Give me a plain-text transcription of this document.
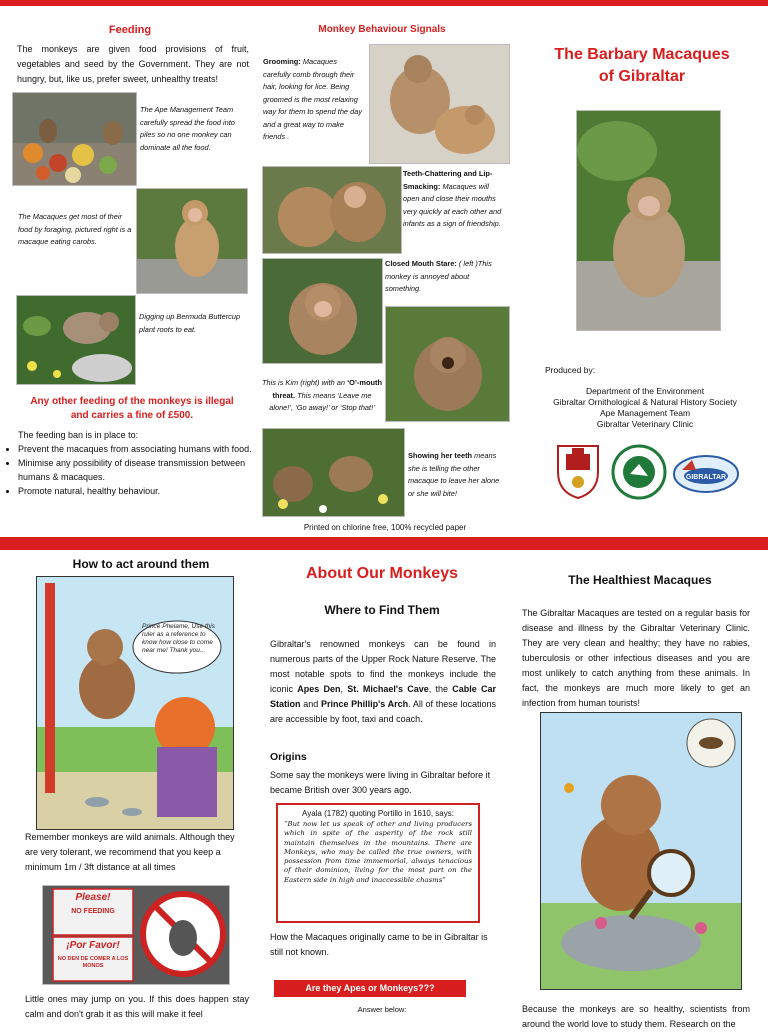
Feeding
The monkeys are given food provisions of fruit, vegetables and seed by the Government. They are not hungry, but, like us, prefer sweet, unhealthy treats!
The Ape Management Team carefully spread the food into piles so no one monkey can dominate all the food.
The Macaques get most of their food by foraging, pictured right is a macaque eating carobs.
Digging up Bermuda Buttercup plant roots to eat.
Any other feeding of the monkeys is illegal and carries a fine of £500.
The feeding ban is in place to:
• Prevent the macaques from associating humans with food.
• Minimise any possibility of disease transmission between humans & macaques.
• Promote natural, healthy behaviour.
Monkey Behaviour Signals
Grooming: Macaques carefully comb through their hair, looking for lice. Being groomed is the most relaxing way for them to spend the day and a great way to make friends .
Teeth-Chattering and Lip-Smacking: Macaques will open and close their mouths very quickly at each other and infants as a sign of friendship.
Closed Mouth Stare: ( left )This monkey is annoyed about something.
This is Kim (right) with an ‘O’-mouth threat. This means ‘Leave me alone!’, ‘Go away!’ or ‘Stop that!’
Showing her teeth means she is telling the other macaque to leave her alone or she will bite!
Printed on chlorine free, 100% recycled paper
The Barbary Macaques
of Gibraltar
Produced by:
Department of the Environment
Gibraltar Ornithological & Natural History Society
Ape Management Team
Gibraltar Veterinary Clinic
GIBRALTAR
How to act around them
Prince Phelame, Use this ruler as a reference to know how close to come near me! Thank you...
Remember monkeys are wild animals. Although they are very tolerant, we recommend that you keep a minimum 1m / 3ft distance at all times
Please!
NO FEEDING
¡Por Favor!
NO DEN DE COMER A LOS MONOS
Little ones may jump on you. If this does happen stay calm and don't grab it as this will make it feel
About Our Monkeys
Where to Find Them
Gibraltar's renowned monkeys can be found in numerous parts of the Upper Rock Nature Reserve. The most notable spots to find the monkeys include the iconic Apes Den, St. Michael's Cave, the Cable Car Station and Prince Phillip's Arch. All of these locations are accessible by foot, taxi and coach.
Origins
Some say the monkeys were living in Gibraltar before it became British over 300 years ago.
Ayala (1782) quoting Portillo in 1610, says:
“But now let us speak of other and living producers which in spite of the asperity of the rock still maintain themselves in the mountains. There are Monkeys, who may be called the true owners, with possession from time immemorial, always tenacious of their dominion, living for the most part on the Eastern side in high and inaccessible chasms”
How the Macaques originally came to be in Gibraltar is still not known.
Are they Apes or Monkeys???
Answer below:
The Healthiest Macaques
The Gibraltar Macaques are tested on a regular basis for disease and illness by the Gibraltar Veterinary Clinic. They are very clean and healthy; they have no rabies, tuberculosis or other infectious diseases and you are most unlikely to catch anything from these animals. In fact, the monkeys are much more likely to get an infection from human tourists!
Because the monkeys are so healthy, scientists from around the world love to study them. Research on the
